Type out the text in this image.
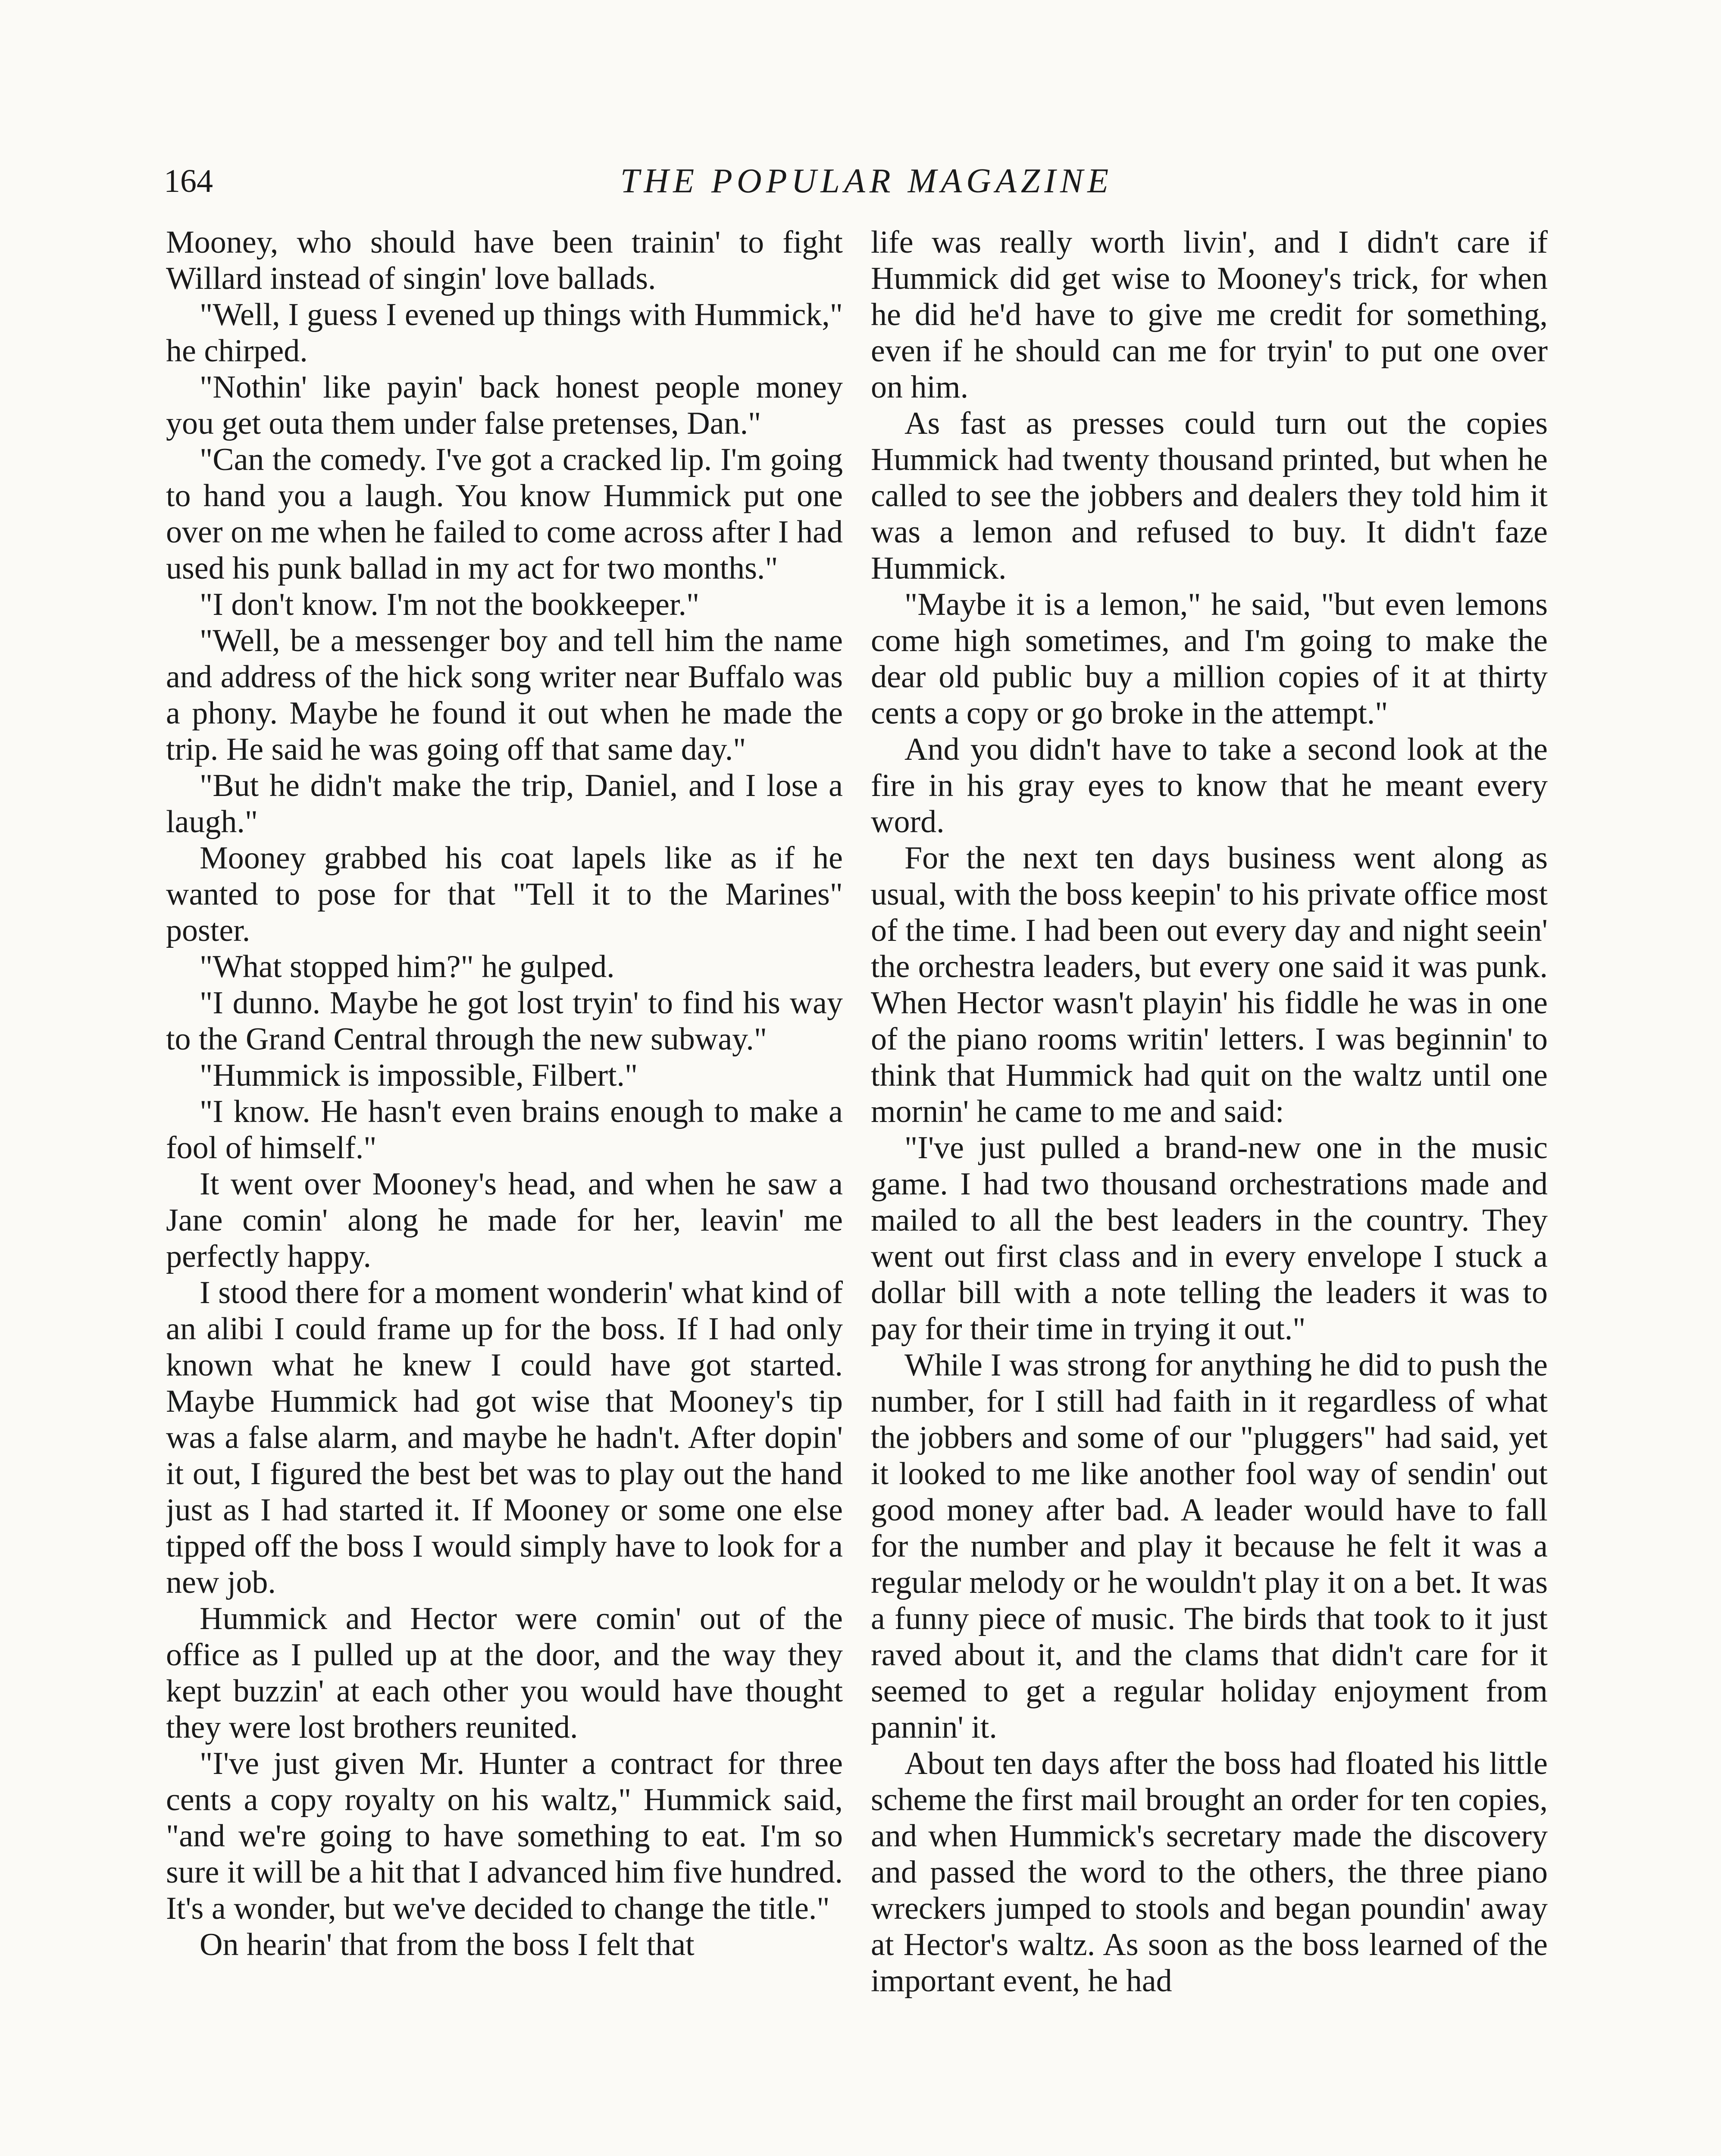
164	THE POPULAR MAGAZINE

Mooney, who should have been trainin' to fight Willard instead of singin' love ballads.

"Well, I guess I evened up things with Hummick," he chirped.

"Nothin' like payin' back honest people money you get outa them under false pretenses, Dan."

"Can the comedy. I've got a cracked lip. I'm going to hand you a laugh. You know Hummick put one over on me when he failed to come across after I had used his punk ballad in my act for two months."

"I don't know. I'm not the bookkeeper."

"Well, be a messenger boy and tell him the name and address of the hick song writer near Buffalo was a phony. Maybe he found it out when he made the trip. He said he was going off that same day."

"But he didn't make the trip, Daniel, and I lose a laugh."

Mooney grabbed his coat lapels like as if he wanted to pose for that "Tell it to the Marines" poster.

"What stopped him?" he gulped.

"I dunno. Maybe he got lost tryin' to find his way to the Grand Central through the new subway."

"Hummick is impossible, Filbert."

"I know. He hasn't even brains enough to make a fool of himself."

It went over Mooney's head, and when he saw a Jane comin' along he made for her, leavin' me perfectly happy.

I stood there for a moment wonderin' what kind of an alibi I could frame up for the boss. If I had only known what he knew I could have got started. Maybe Hummick had got wise that Mooney's tip was a false alarm, and maybe he hadn't. After dopin' it out, I figured the best bet was to play out the hand just as I had started it. If Mooney or some one else tipped off the boss I would simply have to look for a new job.

Hummick and Hector were comin' out of the office as I pulled up at the door, and the way they kept buzzin' at each other you would have thought they were lost brothers reunited.

"I've just given Mr. Hunter a contract for three cents a copy royalty on his waltz," Hummick said, "and we're going to have something to eat. I'm so sure it will be a hit that I advanced him five hundred. It's a wonder, but we've decided to change the title."

On hearin' that from the boss I felt that

life was really worth livin', and I didn't care if Hummick did get wise to Mooney's trick, for when he did he'd have to give me credit for something, even if he should can me for tryin' to put one over on him.

As fast as presses could turn out the copies Hummick had twenty thousand printed, but when he called to see the jobbers and dealers they told him it was a lemon and refused to buy. It didn't faze Hummick.

"Maybe it is a lemon," he said, "but even lemons come high sometimes, and I'm going to make the dear old public buy a million copies of it at thirty cents a copy or go broke in the attempt."

And you didn't have to take a second look at the fire in his gray eyes to know that he meant every word.

For the next ten days business went along as usual, with the boss keepin' to his private office most of the time. I had been out every day and night seein' the orchestra leaders, but every one said it was punk. When Hector wasn't playin' his fiddle he was in one of the piano rooms writin' letters. I was beginnin' to think that Hummick had quit on the waltz until one mornin' he came to me and said:

"I've just pulled a brand-new one in the music game. I had two thousand orchestrations made and mailed to all the best leaders in the country. They went out first class and in every envelope I stuck a dollar bill with a note telling the leaders it was to pay for their time in trying it out."

While I was strong for anything he did to push the number, for I still had faith in it regardless of what the jobbers and some of our "pluggers" had said, yet it looked to me like another fool way of sendin' out good money after bad. A leader would have to fall for the number and play it because he felt it was a regular melody or he wouldn't play it on a bet. It was a funny piece of music. The birds that took to it just raved about it, and the clams that didn't care for it seemed to get a regular holiday enjoyment from pannin' it.

About ten days after the boss had floated his little scheme the first mail brought an order for ten copies, and when Hummick's secretary made the discovery and passed the word to the others, the three piano wreckers jumped to stools and began poundin' away at Hector's waltz. As soon as the boss learned of the important event, he had
